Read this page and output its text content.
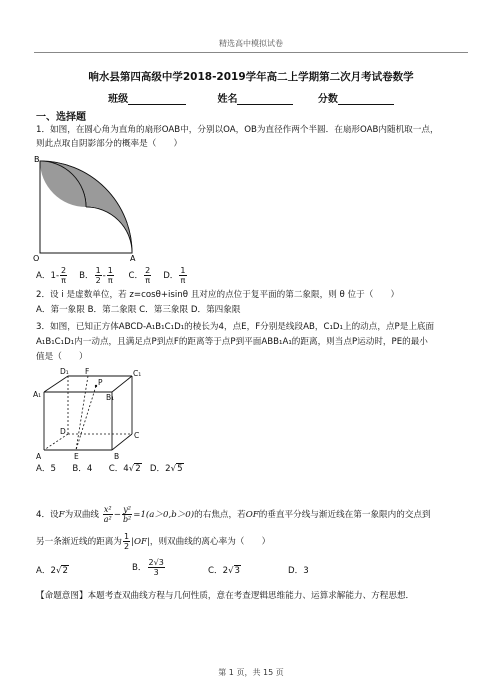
精选高中模拟试卷
响水县第四高级中学2018-2019学年高二上学期第二次月考试卷数学
班级	姓名	分数
一、选择题
1．如图，在圆心角为直角的扇形OAB中，分别以OA，OB为直径作两个半圆．在扇形OAB内随机取一点，
则此点取自阴影部分的概率是（　　）
B
O	A
A．$1- \frac{2}{\pi}$ B． $\frac{1}{2} - \frac{1}{\pi}$ C． $\frac{2}{\pi}$ D． $\frac{1}{\pi}$
2．设 i 是虚数单位，若 z=cosθ+isinθ 且对应的点位于复平面的第二象限，则 θ 位于（　　）
A．第一象限 B．第二象限 C．第三象限 D．第四象限
3．如图，已知正方体ABCD-A₁B₁C₁D₁的棱长为4，点E，F分别是线段AB，C₁D₁上的动点，点P是上底面
A₁B₁C₁D₁内一动点，且满足点P到点F的距离等于点P到平面ABB₁A₁的距离，则当点P运动时，PE的最小
值是（　　）
D₁ F	C₁
A₁
P
B₁
D	C
A	E	B
A．5 B．4 C．4√2 D．2√5
4．设F为双曲线 $\frac{\text{x²}}{\text{a²}} - \frac{\text{y²}}{\text{b²}} =1(a>0,b>0)$的右焦点，若OF的垂直平分线与渐近线在第一象限内的交点到
另一条渐近线的距离为 $\frac{1}{2} |OF|$，则双曲线的离心率为（　　）
A．2√2	B． $\frac{2√3}{3}$	C．2√3	D．3
【命题意图】本题考查双曲线方程与几何性质，意在考查逻辑思维能力、运算求解能力、方程思想．
第 1 页，共 15 页
